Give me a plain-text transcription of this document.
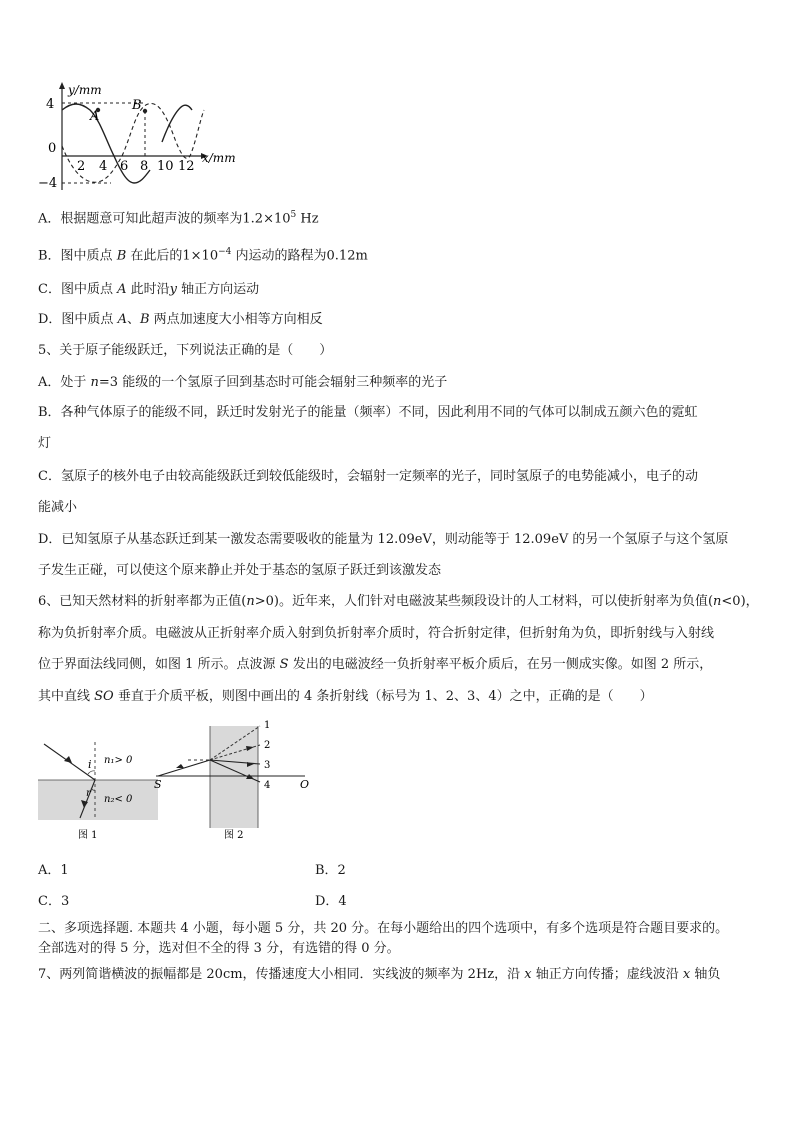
y/mm
A
B
4
0
−4
2 4 6 8 10 12
x/mm
A．根据题意可知此超声波的频率为$1.2\times 10^5$ Hz
B．图中质点 B 在此后的$1\times 10^{-4}$ 内运动的路程为0.12m
C．图中质点 A 此时沿y 轴正方向运动
D．图中质点 A、B 两点加速度大小相等方向相反
5、关于原子能级跃迁，下列说法正确的是（　　）
A．处于 n=3 能级的一个氢原子回到基态时可能会辐射三种频率的光子
B．各种气体原子的能级不同，跃迁时发射光子的能量（频率）不同，因此利用不同的气体可以制成五颜六色的霓虹
灯
C．氢原子的核外电子由较高能级跃迁到较低能级时，会辐射一定频率的光子，同时氢原子的电势能减小，电子的动
能减小
D．已知氢原子从基态跃迁到某一激发态需要吸收的能量为 12.09eV，则动能等于 12.09eV 的另一个氢原子与这个氢原
子发生正碰，可以使这个原来静止并处于基态的氢原子跃迁到该激发态
6、已知天然材料的折射率都为正值(n>0)。近年来，人们针对电磁波某些频段设计的人工材料，可以使折射率为负值(n<0)，
称为负折射率介质。电磁波从正折射率介质入射到负折射率介质时，符合折射定律，但折射角为负，即折射线与入射线
位于界面法线同侧，如图 1 所示。点波源 S 发出的电磁波经一负折射率平板介质后，在另一侧成实像。如图 2 所示，
其中直线 SO 垂直于介质平板，则图中画出的 4 条折射线（标号为 1、2、3、4）之中，正确的是（　　）
i
r
n₁> 0
n₂< 0
图 1
1
2
3
4
S	O
图 2
A．1	B．2
C．3	D．4
二、多项选择题. 本题共 4 小题，每小题 5 分，共 20 分。在每小题给出的四个选项中，有多个选项是符合题目要求的。
全部选对的得 5 分，选对但不全的得 3 分，有选错的得 0 分。
7、两列简谐横波的振幅都是 20cm，传播速度大小相同．实线波的频率为 2Hz，沿 x 轴正方向传播；虚线波沿 x 轴负
